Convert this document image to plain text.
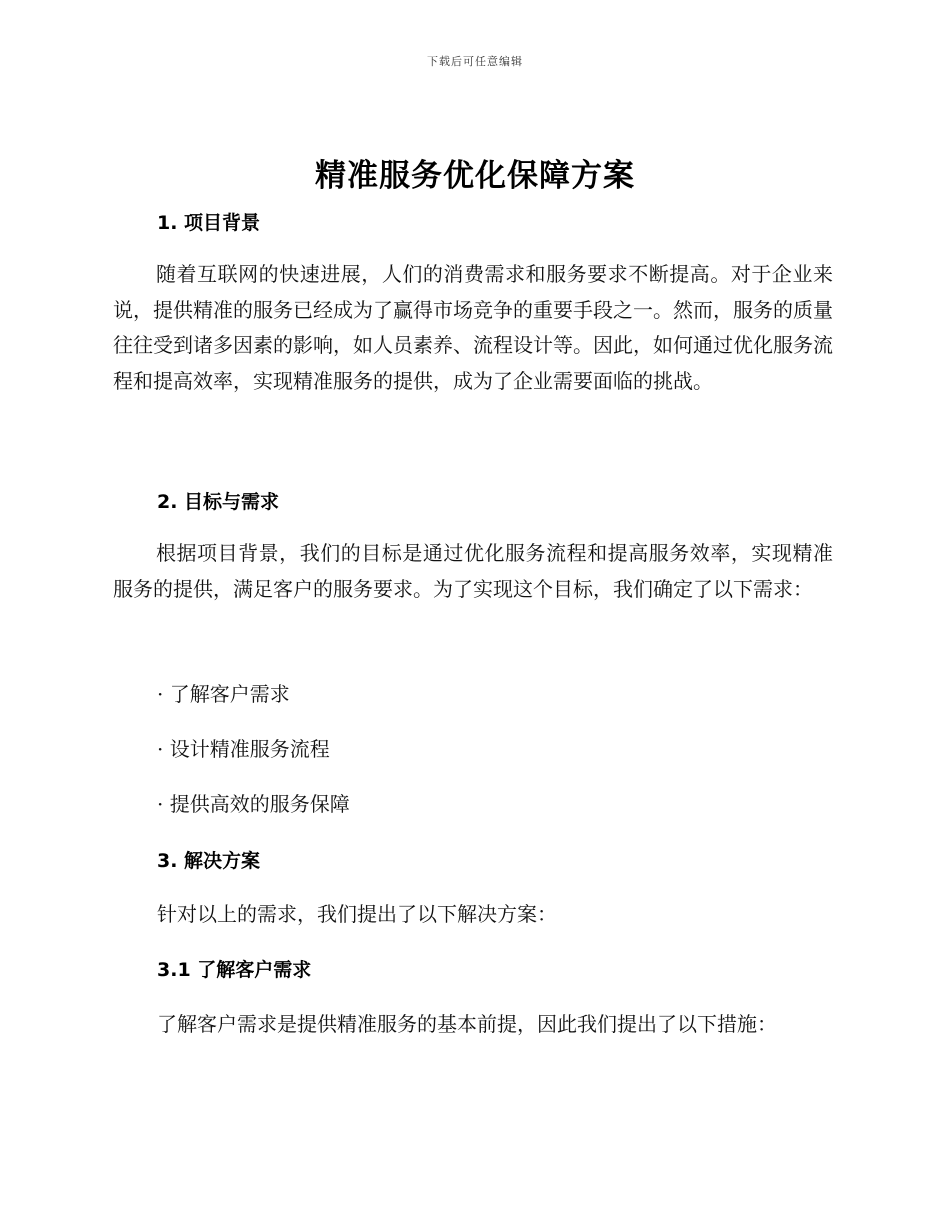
下载后可任意编辑
精准服务优化保障方案
1. 项目背景
随着互联网的快速进展，人们的消费需求和服务要求不断提高。对于企业来说，提供精准的服务已经成为了赢得市场竞争的重要手段之一。然而，服务的质量往往受到诸多因素的影响，如人员素养、流程设计等。因此，如何通过优化服务流程和提高效率，实现精准服务的提供，成为了企业需要面临的挑战。
2. 目标与需求
根据项目背景，我们的目标是通过优化服务流程和提高服务效率，实现精准服务的提供，满足客户的服务要求。为了实现这个目标，我们确定了以下需求：
· 了解客户需求
· 设计精准服务流程
· 提供高效的服务保障
3. 解决方案
针对以上的需求，我们提出了以下解决方案：
3.1 了解客户需求
了解客户需求是提供精准服务的基本前提，因此我们提出了以下措施：
